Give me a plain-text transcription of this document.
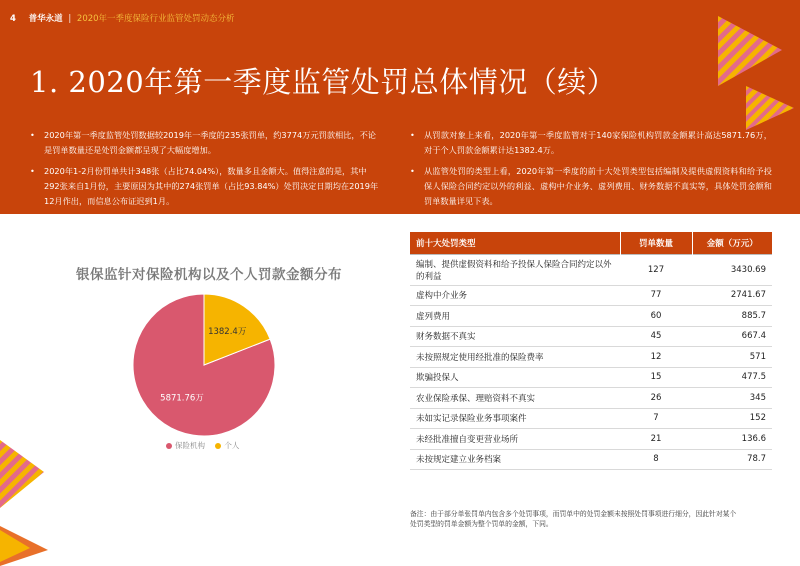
4 普华永道 | 2020年一季度保险行业监管处罚动态分析
1. 2020年第一季度监管处罚总体情况（续）
• 2020年第一季度监管处罚数据较2019年一季度的235张罚单，约3774万元罚款相比，不论是罚单数量还是处罚金额都呈现了大幅度增加。
• 2020年1-2月份罚单共计348张（占比74.04%），数量多且金额大。值得注意的是，其中292张来自1月份，主要原因为其中的274张罚单（占比93.84%）处罚决定日期均在2019年12月作出，而信息公布证迟到1月。
• 从罚款对象上来看，2020年第一季度监管对于140家保险机构罚款金额累计高达5871.76万，对于个人罚款金额累计达1382.4万。
• 从监管处罚的类型上看，2020年第一季度的前十大处罚类型包括编制及提供虚假资料和给予投保人保险合同约定以外的利益、虚构中介业务、虚列费用、财务数据不真实等，具体处罚金额和罚单数量详见下表。
银保监针对保险机构以及个人罚款金额分布
5871.76万
1382.4万
保险机构	个人
前十大处罚类型	罚单数量	金额（万元）
编制、提供虚假资料和给予投保人保险合同约定以外的利益	127	3430.69
虚构中介业务	77	2741.67
虚列费用	60	885.7
财务数据不真实	45	667.4
未按照规定使用经批准的保险费率	12	571
欺骗投保人	15	477.5
农业保险承保、理赔资料不真实	26	345
未如实记录保险业务事项案件	7	152
未经批准擅自变更营业场所	21	136.6
未按规定建立业务档案	8	78.7
备注：由于部分单张罚单内包含多个处罚事项，而罚单中的处罚金额未按照处罚事项进行细分，因此针对某个处罚类型的罚单金额为整个罚单的金额，下同。
